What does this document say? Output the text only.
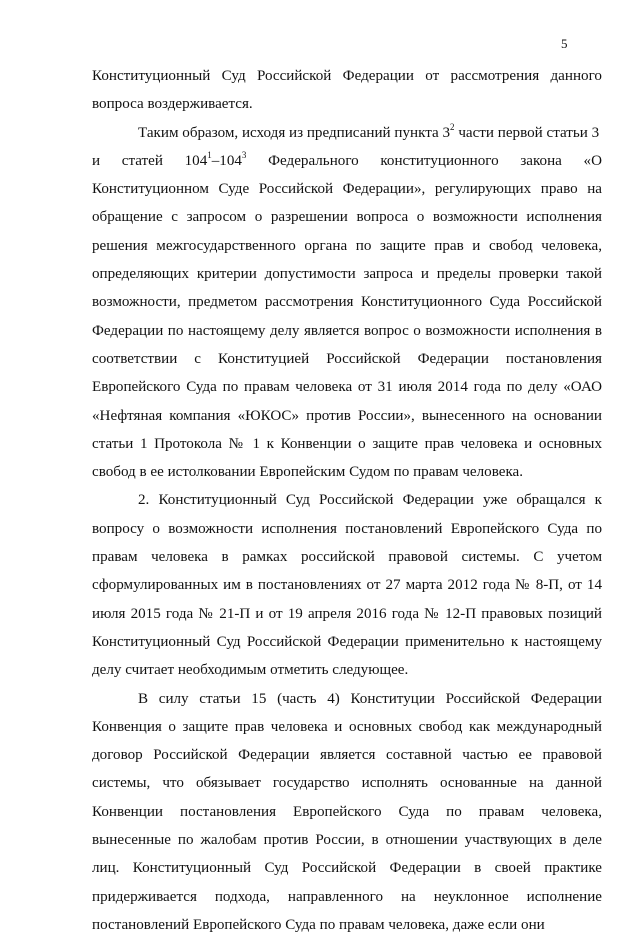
5

Конституционный Суд Российской Федерации от рассмотрения данного
вопроса воздерживается.

Таким образом, исходя из предписаний пункта $3^2$ части первой статьи 3

и статей $104^1-104^3$ Федерального конституционного закона «О
Конституционном Суде Российской Федерации», регулирующих право на обращение с запросом о разрешении вопроса о возможности исполнения решения межгосударственного органа по защите прав и свобод человека, определяющих критерии допустимости запроса и пределы проверки такой возможности, предметом рассмотрения Конституционного Суда Российской Федерации по настоящему делу является вопрос о возможности исполнения в соответствии с Конституцией Российской Федерации постановления Европейского Суда по правам человека от 31 июля 2014 года по делу «ОАО «Нефтяная компания «ЮКОС» против России», вынесенного на основании статьи 1 Протокола № 1 к Конвенции о защите прав человека и основных свобод в ее истолковании Европейским Судом по правам человека.

2. Конституционный Суд Российской Федерации уже обращался к вопросу о возможности исполнения постановлений Европейского Суда по правам человека в рамках российской правовой системы. С учетом сформулированных им в постановлениях от 27 марта 2012 года № 8-П, от 14 июля 2015 года № 21-П и от 19 апреля 2016 года № 12-П правовых позиций Конституционный Суд Российской Федерации применительно к настоящему делу считает необходимым отметить следующее.

В силу статьи 15 (часть 4) Конституции Российской Федерации Конвенция о защите прав человека и основных свобод как международный договор Российской Федерации является составной частью ее правовой системы, что обязывает государство исполнять основанные на данной Конвенции постановления Европейского Суда по правам человека, вынесенные по жалобам против России, в отношении участвующих в деле лиц. Конституционный Суд Российской Федерации в своей практике придерживается подхода, направленного на неуклонное исполнение постановлений Европейского Суда по правам человека, даже если они
